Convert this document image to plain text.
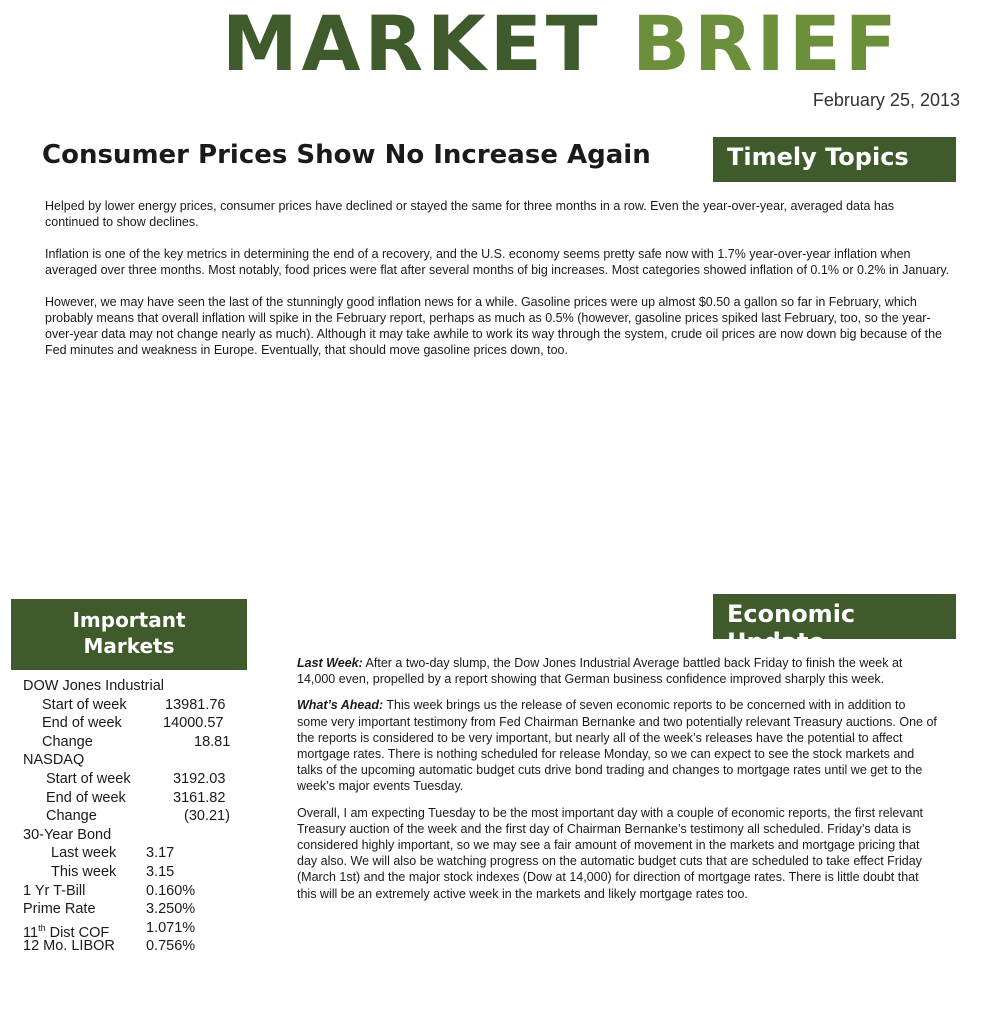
MARKET BRIEF
February 25, 2013
Consumer Prices Show No Increase Again	Timely Topics

Helped by lower energy prices, consumer prices have declined or stayed the same for three months in a row. Even the year-over-year, averaged data has continued to show declines.

Inflation is one of the key metrics in determining the end of a recovery, and the U.S. economy seems pretty safe now with 1.7% year-over-year inflation when averaged over three months. Most notably, food prices were flat after several months of big increases. Most categories showed inflation of 0.1% or 0.2% in January.

However, we may have seen the last of the stunningly good inflation news for a while. Gasoline prices were up almost $0.50 a gallon so far in February, which probably means that overall inflation will spike in the February report, perhaps as much as 0.5% (however, gasoline prices spiked last February, too, so the year-over-year data may not change nearly as much). Although it may take awhile to work its way through the system, crude oil prices are now down big because of the Fed minutes and weakness in Europe. Eventually, that should move gasoline prices down, too.

Important
Markets
DOW Jones Industrial
Start of week	13981.76
End of week	14000.57
Change	18.81
NASDAQ
Start of week	3192.03
End of week	3161.82
Change	(30.21)
30-Year Bond
Last week 3.17
This week 3.15
1 Yr T-Bill	0.160%
Prime Rate	3.250%
11th Dist COF	1.071%
12 Mo. LIBOR 0.756%
Economic Update

Last Week: After a two-day slump, the Dow Jones Industrial Average battled back Friday to finish the week at 14,000 even, propelled by a report showing that German business confidence improved sharply this week.

What’s Ahead: This week brings us the release of seven economic reports to be concerned with in addition to some very important testimony from Fed Chairman Bernanke and two potentially relevant Treasury auctions. One of the reports is considered to be very important, but nearly all of the week’s releases have the potential to affect mortgage rates. There is nothing scheduled for release Monday, so we can expect to see the stock markets and talks of the upcoming automatic budget cuts drive bond trading and changes to mortgage rates until we get to the week’s major events Tuesday.

Overall, I am expecting Tuesday to be the most important day with a couple of economic reports, the first relevant Treasury auction of the week and the first day of Chairman Bernanke’s testimony all scheduled. Friday’s data is considered highly important, so we may see a fair amount of movement in the markets and mortgage pricing that day also. We will also be watching progress on the automatic budget cuts that are scheduled to take effect Friday (March 1st) and the major stock indexes (Dow at 14,000) for direction of mortgage rates. There is little doubt that this will be an extremely active week in the markets and likely mortgage rates too.
